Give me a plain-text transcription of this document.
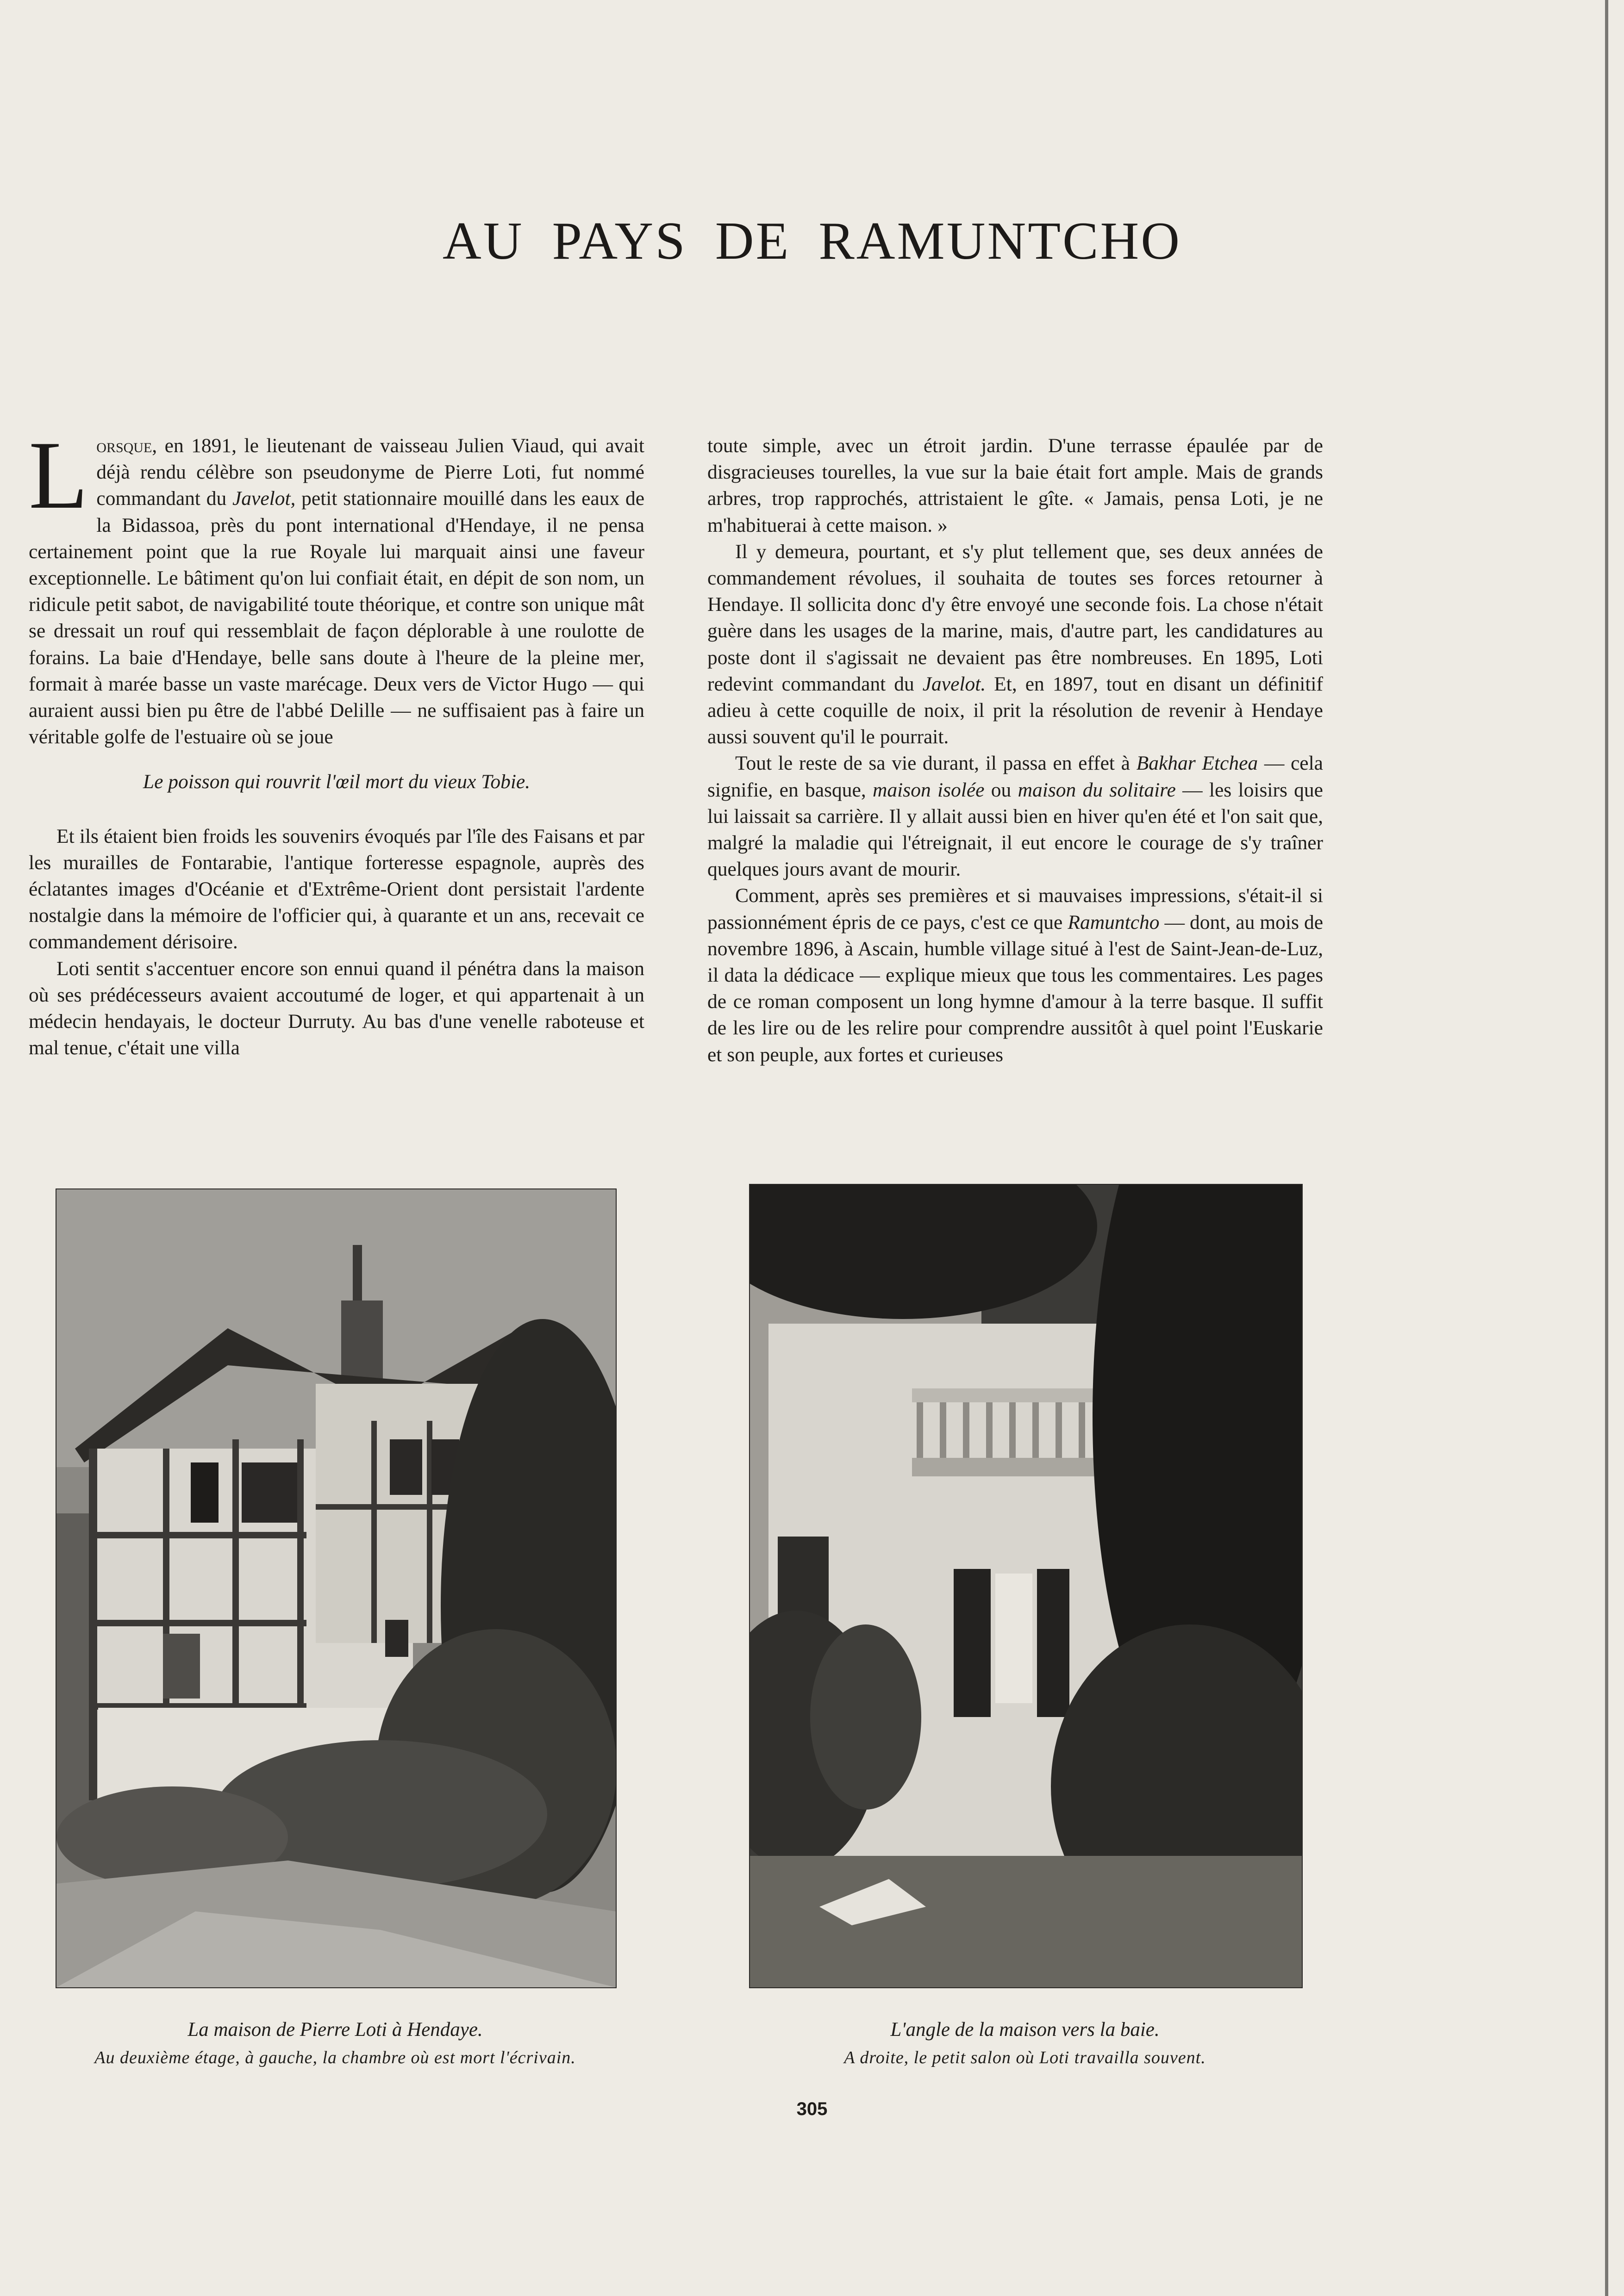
AU PAYS DE RAMUNTCHO

Lorsque, en 1891, le lieutenant de vaisseau Julien Viaud, qui avait déjà rendu célèbre son pseudonyme de Pierre Loti, fut nommé commandant du Javelot, petit stationnaire mouillé dans les eaux de la Bidassoa, près du pont international d'Hendaye, il ne pensa certainement point que la rue Royale lui marquait ainsi une faveur exceptionnelle. Le bâtiment qu'on lui confiait était, en dépit de son nom, un ridicule petit sabot, de navigabilité toute théorique, et contre son unique mât se dressait un rouf qui ressemblait de façon déplorable à une roulotte de forains. La baie d'Hendaye, belle sans doute à l'heure de la pleine mer, formait à marée basse un vaste marécage. Deux vers de Victor Hugo — qui auraient aussi bien pu être de l'abbé Delille — ne suffisaient pas à faire un véritable golfe de l'estuaire où se joue

Le poisson qui rouvrit l'œil mort du vieux Tobie.

Et ils étaient bien froids les souvenirs évoqués par l'île des Faisans et par les murailles de Fontarabie, l'antique forteresse espagnole, auprès des éclatantes images d'Océanie et d'Extrême-Orient dont persistait l'ardente nostalgie dans la mémoire de l'officier qui, à quarante et un ans, recevait ce commandement dérisoire.

Loti sentit s'accentuer encore son ennui quand il pénétra dans la maison où ses prédécesseurs avaient accoutumé de loger, et qui appartenait à un médecin hendayais, le docteur Durruty. Au bas d'une venelle raboteuse et mal tenue, c'était une villa

toute simple, avec un étroit jardin. D'une terrasse épaulée par de disgracieuses tourelles, la vue sur la baie était fort ample. Mais de grands arbres, trop rapprochés, attristaient le gîte. « Jamais, pensa Loti, je ne m'habituerai à cette maison. »

Il y demeura, pourtant, et s'y plut tellement que, ses deux années de commandement révolues, il souhaita de toutes ses forces retourner à Hendaye. Il sollicita donc d'y être envoyé une seconde fois. La chose n'était guère dans les usages de la marine, mais, d'autre part, les candidatures au poste dont il s'agissait ne devaient pas être nombreuses. En 1895, Loti redevint commandant du Javelot. Et, en 1897, tout en disant un définitif adieu à cette coquille de noix, il prit la résolution de revenir à Hendaye aussi souvent qu'il le pourrait.

Tout le reste de sa vie durant, il passa en effet à Bakhar Etchea — cela signifie, en basque, maison isolée ou maison du solitaire — les loisirs que lui laissait sa carrière. Il y allait aussi bien en hiver qu'en été et l'on sait que, malgré la maladie qui l'étreignait, il eut encore le courage de s'y traîner quelques jours avant de mourir.

Comment, après ses premières et si mauvaises impressions, s'était-il si passionnément épris de ce pays, c'est ce que Ramuntcho — dont, au mois de novembre 1896, à Ascain, humble village situé à l'est de Saint-Jean-de-Luz, il data la dédicace — explique mieux que tous les commentaires. Les pages de ce roman composent un long hymne d'amour à la terre basque. Il suffit de les lire ou de les relire pour comprendre aussitôt à quel point l'Euskarie et son peuple, aux fortes et curieuses

La maison de Pierre Loti à Hendaye.
Au deuxième étage, à gauche, la chambre où est mort l'écrivain.
L'angle de la maison vers la baie.
A droite, le petit salon où Loti travailla souvent.
305
